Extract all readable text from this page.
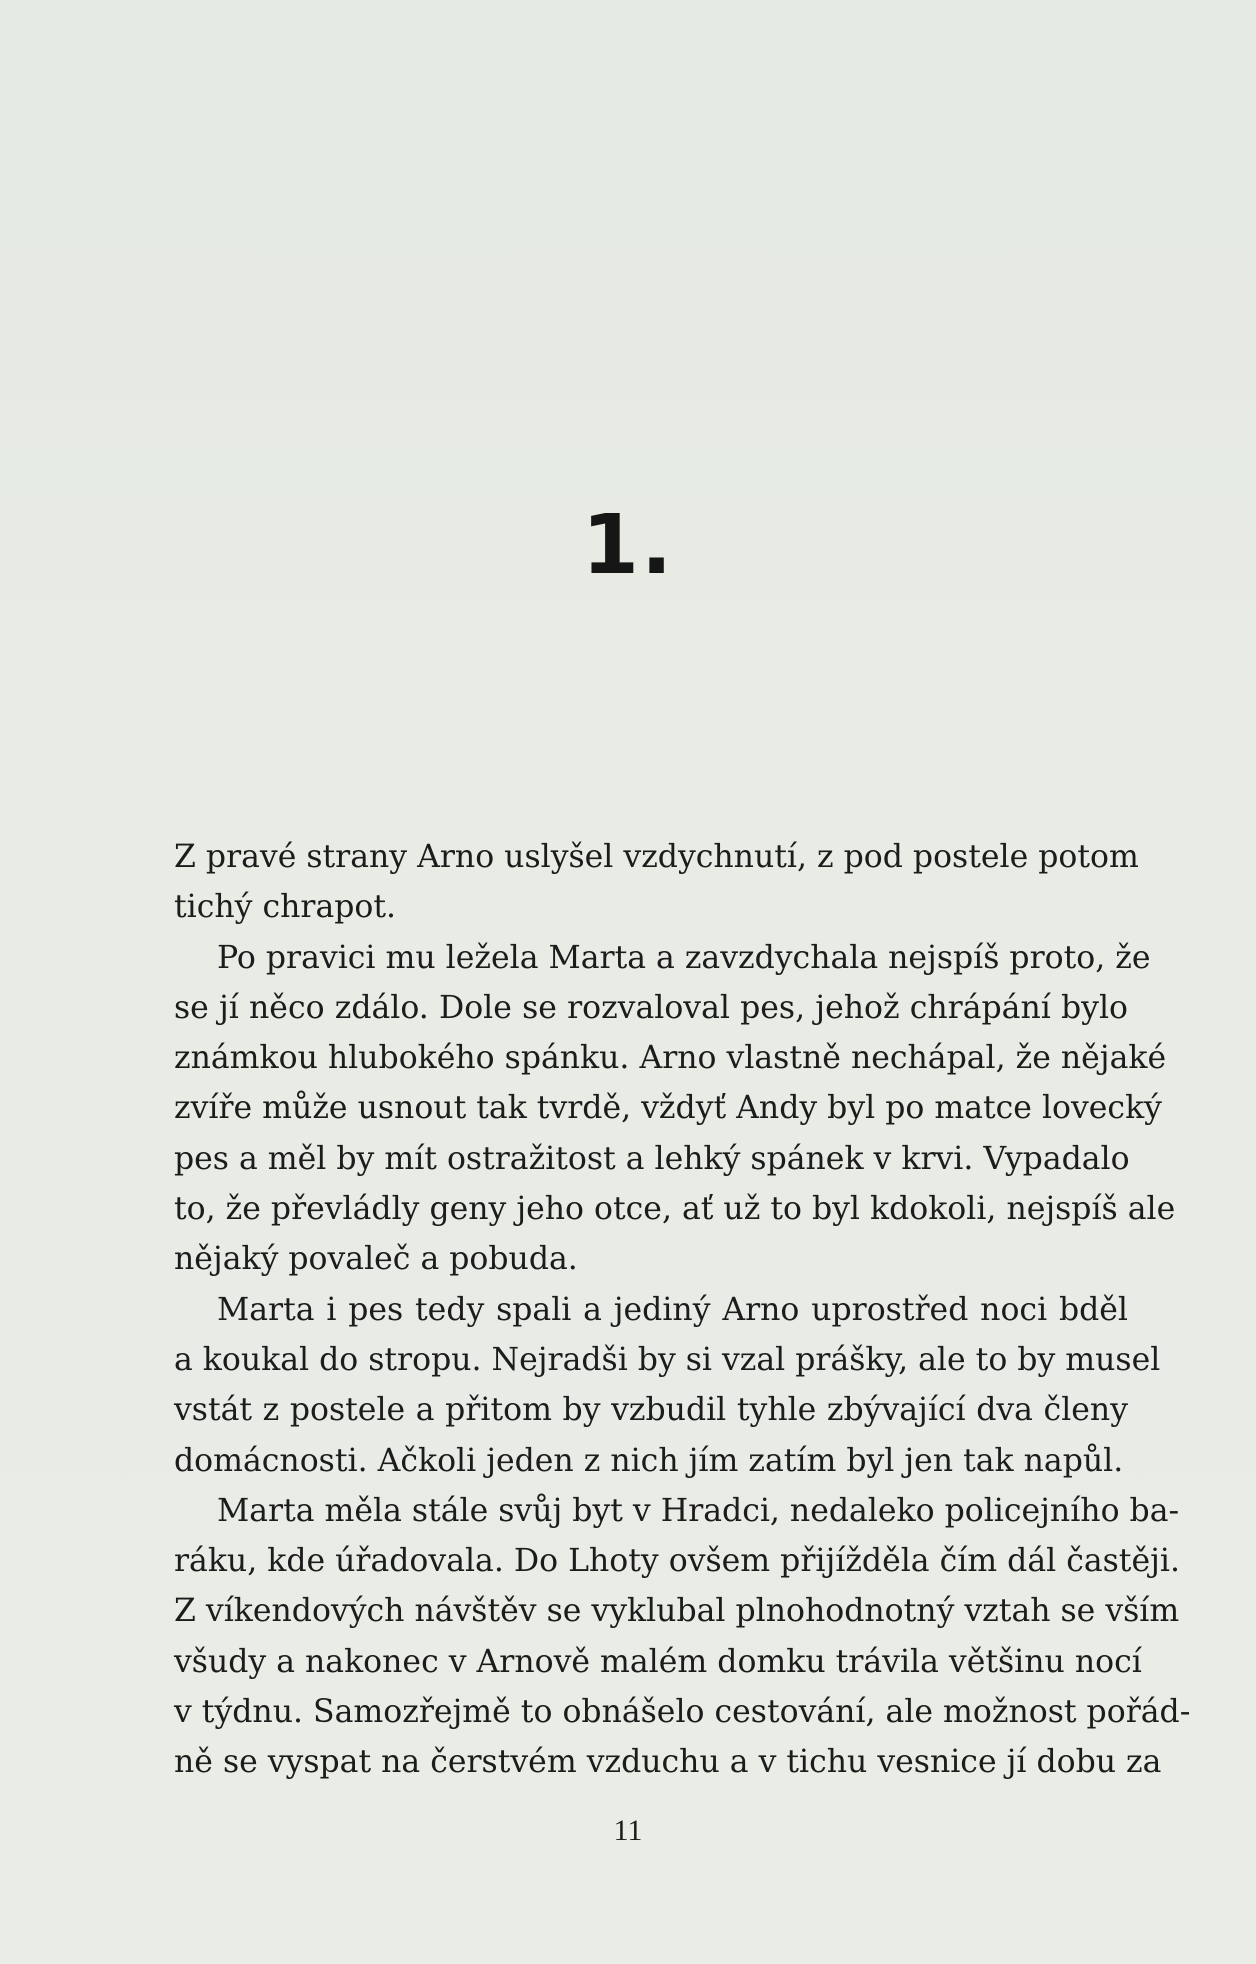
1.
Z pravé strany Arno uslyšel vzdychnutí, z pod postele potom
tichý chrapot.
Po pravici mu ležela Marta a zavzdychala nejspíš proto, že
se jí něco zdálo. Dole se rozvaloval pes, jehož chrápání bylo
známkou hlubokého spánku. Arno vlastně nechápal, že nějaké
zvíře může usnout tak tvrdě, vždyť Andy byl po matce lovecký
pes a měl by mít ostražitost a lehký spánek v krvi. Vypadalo
to, že převládly geny jeho otce, ať už to byl kdokoli, nejspíš ale
nějaký povaleč a pobuda.
Marta i pes tedy spali a jediný Arno uprostřed noci bděl
a koukal do stropu. Nejradši by si vzal prášky, ale to by musel
vstát z postele a přitom by vzbudil tyhle zbývající dva členy
domácnosti. Ačkoli jeden z nich jím zatím byl jen tak napůl.
Marta měla stále svůj byt v Hradci, nedaleko policejního ba-
ráku, kde úřadovala. Do Lhoty ovšem přijížděla čím dál častěji.
Z víkendových návštěv se vyklubal plnohodnotný vztah se vším
všudy a nakonec v Arnově malém domku trávila většinu nocí
v týdnu. Samozřejmě to obnášelo cestování, ale možnost pořád-
ně se vyspat na čerstvém vzduchu a v tichu vesnice jí dobu za
11
